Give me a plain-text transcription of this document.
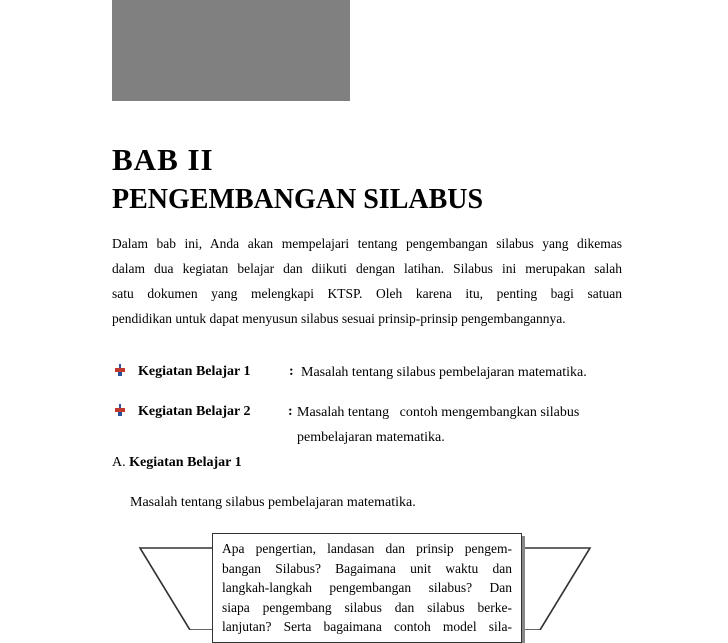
BAB II
PENGEMBANGAN SILABUS
Dalam bab ini, Anda akan mempelajari tentang pengembangan silabus yang dikemas
dalam dua kegiatan belajar dan diikuti dengan latihan. Silabus ini merupakan salah
satu dokumen yang melengkapi KTSP. Oleh karena itu, penting bagi satuan
pendidikan untuk dapat menyusun silabus sesuai prinsip-prinsip pengembangannya.
Kegiatan Belajar 1	: Masalah tentang silabus pembelajaran matematika.
Kegiatan Belajar 2	: Masalah tentang   contoh mengembangkan silabus
pembelajaran matematika.
A. Kegiatan Belajar 1
Masalah tentang silabus pembelajaran matematika.
Apa pengertian, landasan dan prinsip pengem-
bangan Silabus? Bagaimana unit waktu dan
langkah-langkah pengembangan silabus? Dan
siapa pengembang silabus dan silabus berke-
lanjutan? Serta bagaimana contoh model sila-
